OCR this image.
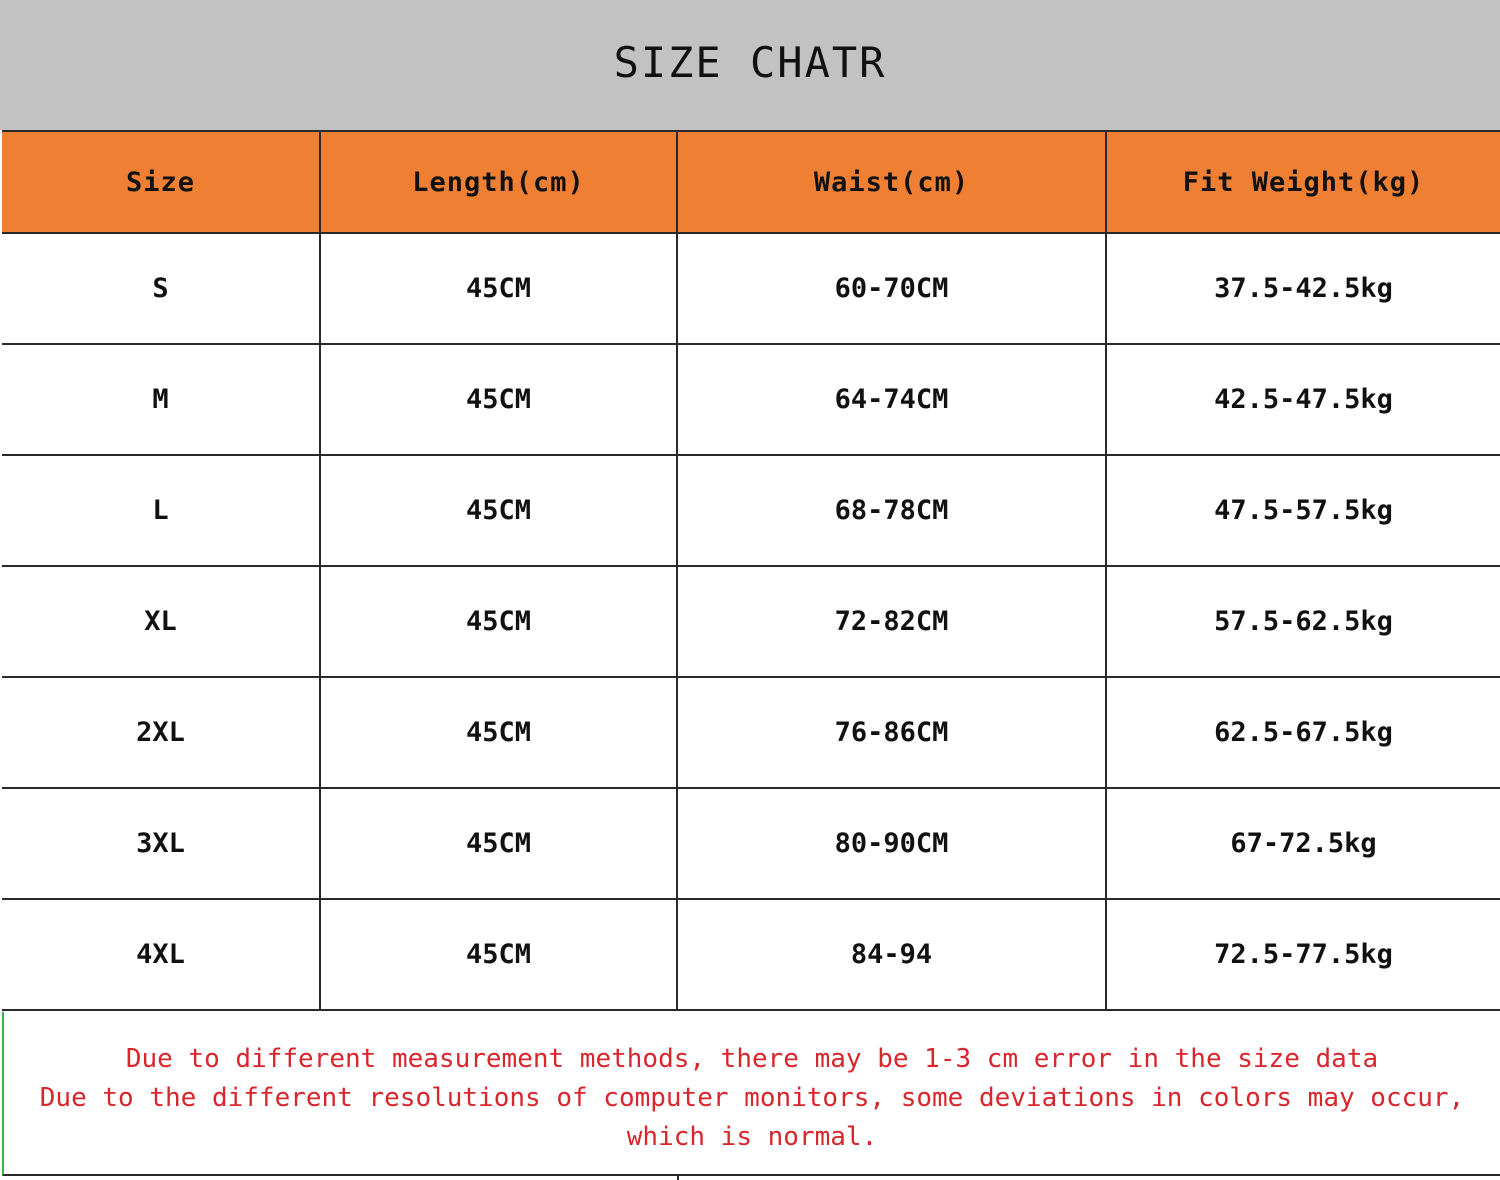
SIZE CHATR
Size	Length(cm)	Waist(cm)	Fit Weight(kg)
S	45CM	60-70CM	37.5-42.5kg
M	45CM	64-74CM	42.5-47.5kg
L	45CM	68-78CM	47.5-57.5kg
XL	45CM	72-82CM	57.5-62.5kg
2XL	45CM	76-86CM	62.5-67.5kg
3XL	45CM	80-90CM	67-72.5kg
4XL	45CM	84-94	72.5-77.5kg
Due to different measurement methods, there may be 1-3 cm error in the size data
Due to the different resolutions of computer monitors, some deviations in colors may occur,
which is normal.
